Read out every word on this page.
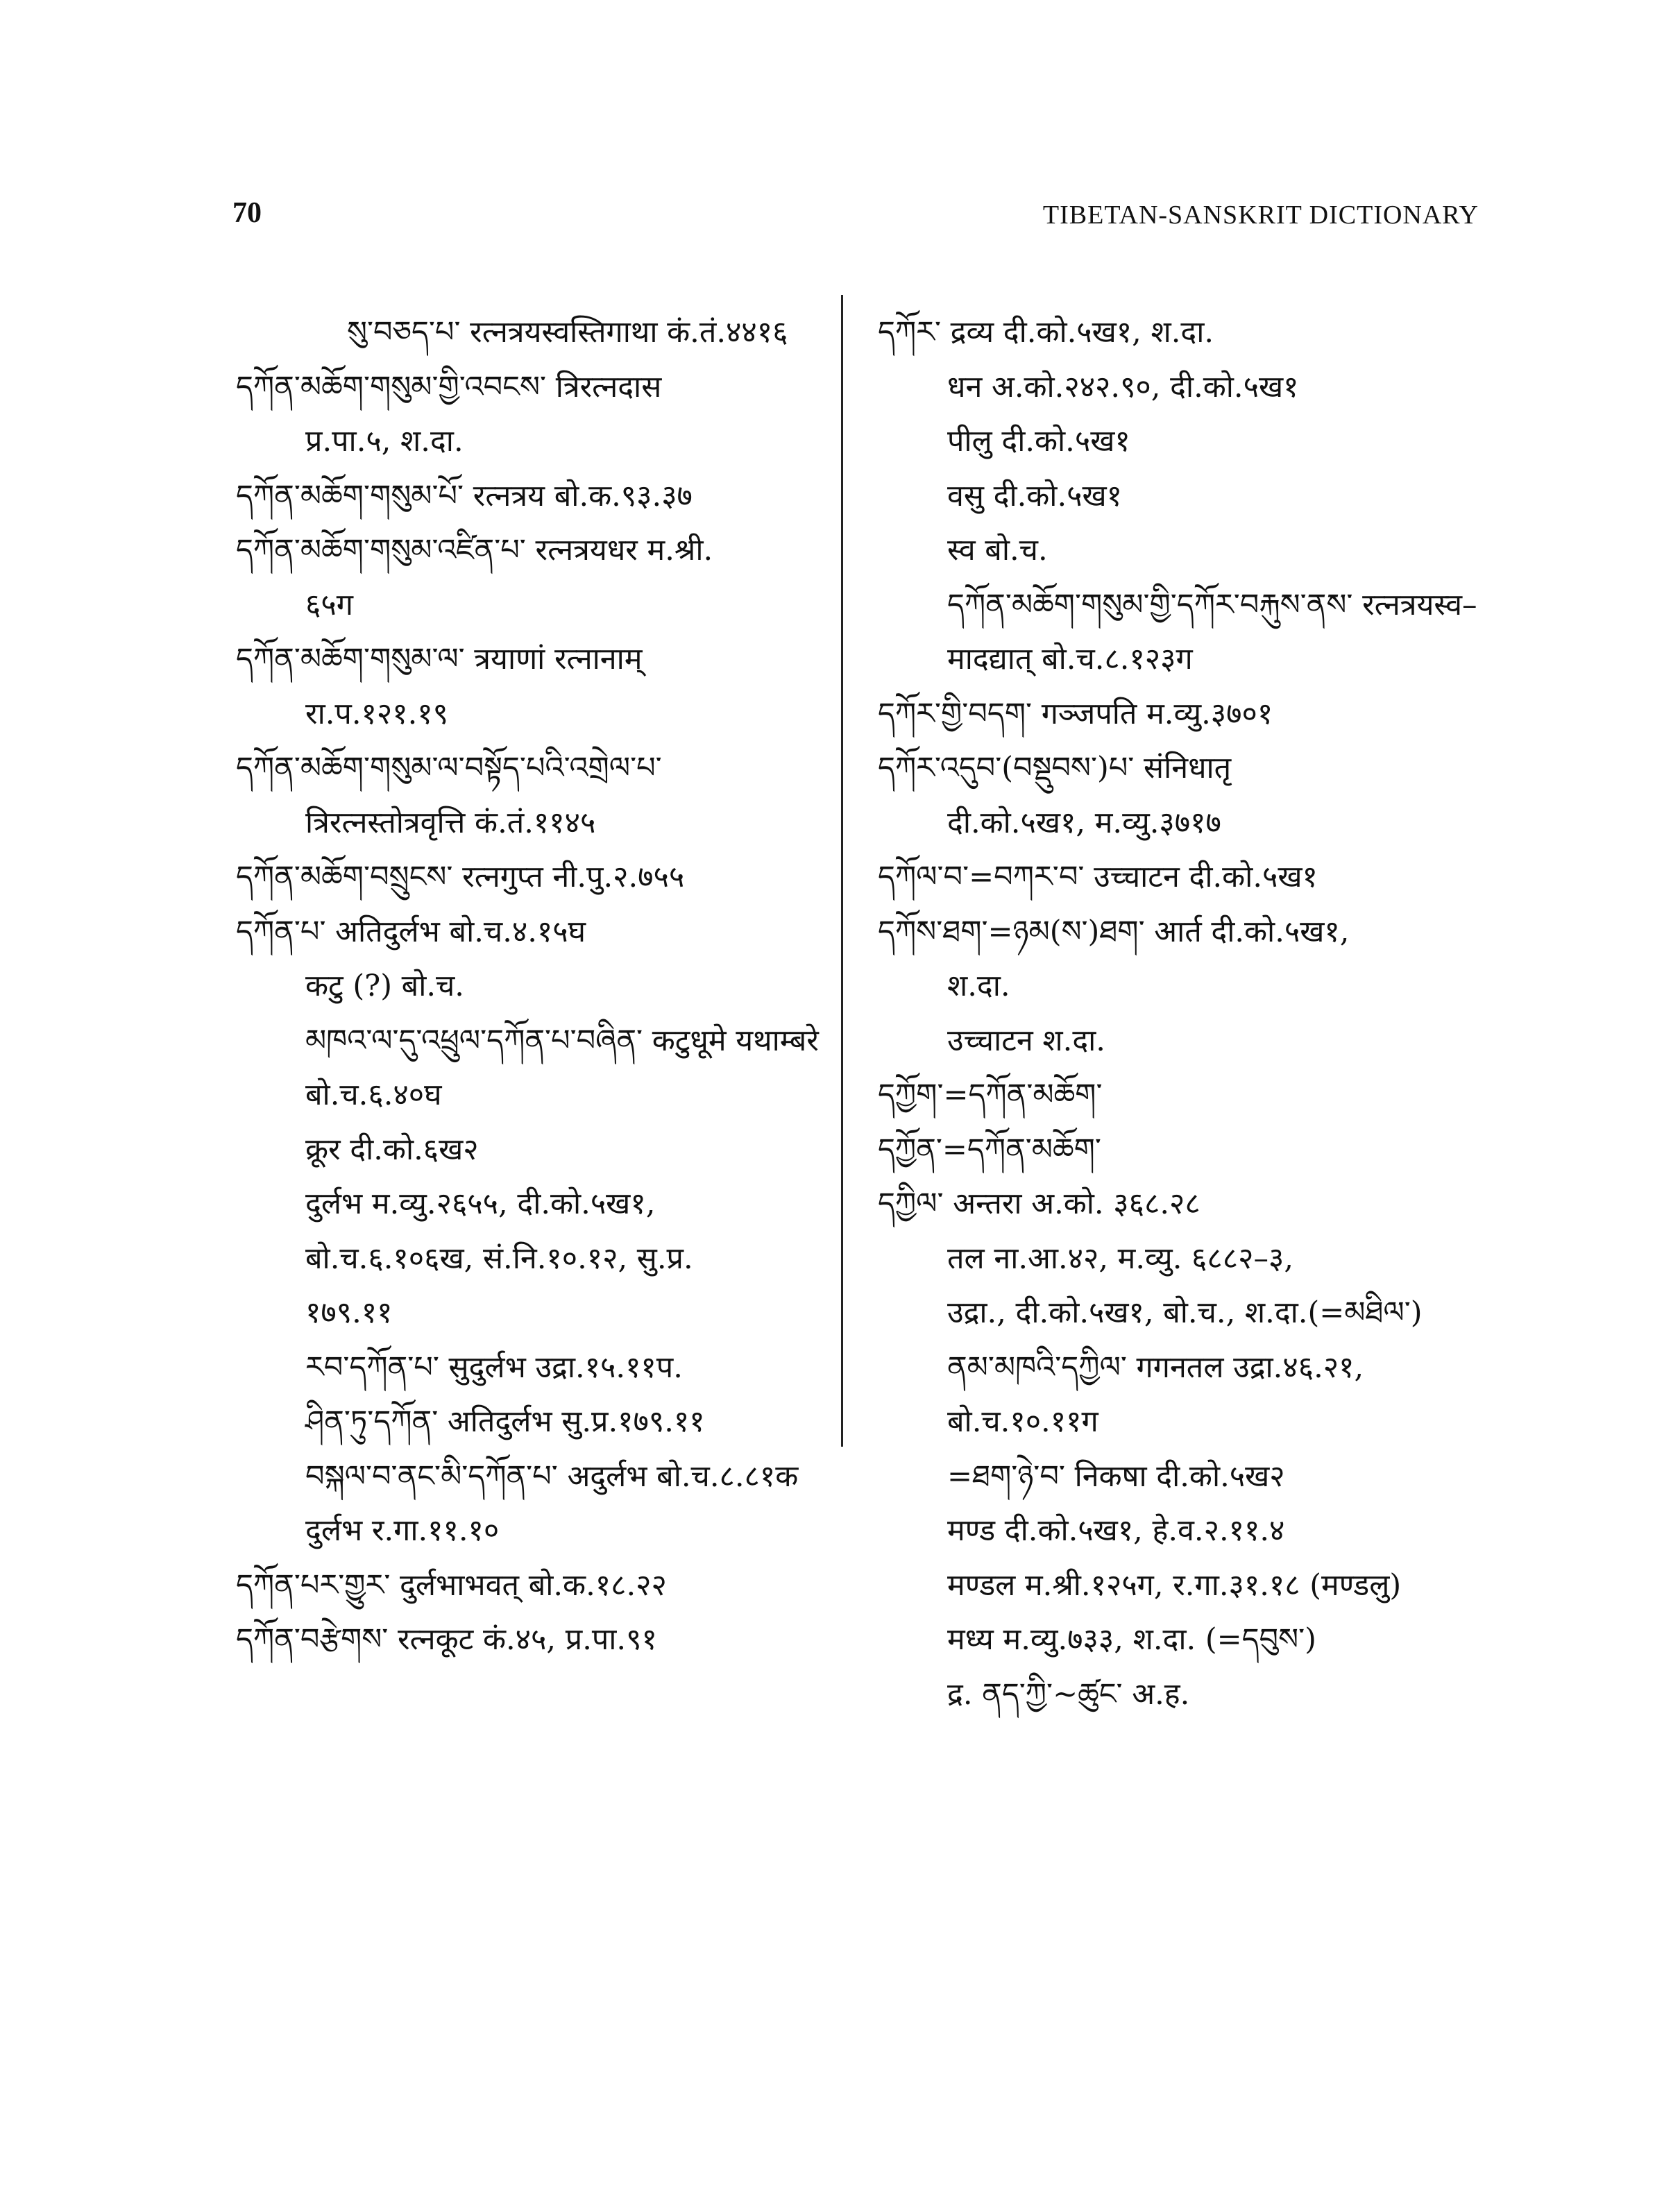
70	TIBETAN-SANSKRIT DICTIONARY
སུ་བཅད་པ་ रत्नत्रयस्वस्तिगाथा कं.तं.४४१६
དཀོན་མཆོག་གསུམ་གྱི་འབངས་ त्रिरत्नदास
प्र.पा.५, श.दा.
དཀོན་མཆོག་གསུམ་པོ་ रत्नत्रय बो.क.९३.३७
དཀོན་མཆོག་གསུམ་འཛིན་པ་ रत्नत्रयधर म.श्री.
६५ग
དཀོན་མཆོག་གསུམ་ལ་ त्रयाणां रत्नानाम्
रा.प.१२१.१९
དཀོན་མཆོག་གསུམ་ལ་བསྟོད་པའི་འགྲེལ་པ་
त्रिरत्नस्तोत्रवृत्ति कं.तं.११४५
དཀོན་མཆོག་བསྲུངས་ रत्नगुप्त नी.पु.२.७५५
དཀོན་པ་ अतिदुर्लभ बो.च.४.१५घ
कटु (?) बो.च.
མཁའ་ལ་དུ་འཕྲུལ་དཀོན་པ་བཞིན་ कटुधूमे यथाम्बरे
बो.च.६.४०घ
क्रूर दी.को.६ख२
दुर्लभ म.व्यु.२६५५, दी.को.५ख१,
बो.च.६.१०६ख, सं.नि.१०.१२, सु.प्र.
१७९.११
རབ་དཀོན་པ་ सुदुर्लभ उद्रा.१५.११प.
ཤིན་ཏུ་དཀོན་ अतिदुर्लभ सु.प्र.१७९.११
བསྐལ་བ་ནང་མི་དཀོན་པ་ अदुर्लभ बो.च.८.८१क
दुर्लभ र.गा.११.१०
དཀོན་པར་གྱུར་ दुर्लभाभवत् बो.क.१८.२२
དཀོན་བརྩེགས་ रत्नकूट कं.४५, प्र.पा.९१
དཀོར་ द्रव्य दी.को.५ख१, श.दा.
धन अ.को.२४२.९०, दी.को.५ख१
पीलु दी.को.५ख१
वसु दी.को.५ख१
स्व बो.च.
དཀོན་མཆོག་གསུམ་གྱི་དཀོར་བརྐུས་ནས་ रत्नत्रयस्व–
मादद्यात् बो.च.८.१२३ग
དཀོར་གྱི་བདག་ गञ्जपति म.व्यु.३७०१
དཀོར་འདུབ་(བསྡུབས་)པ་ संनिधातृ
दी.को.५ख१, म.व्यु.३७१७
དཀོལ་བ་=བཀར་བ་ उच्चाटन दी.को.५ख१
དཀོས་ཐག་=ཉམ(ས་)ཐག་ आर्त दी.को.५ख१,
श.दा.
उच्चाटन श.दा.
དཀྱོག་=དཀོན་མཆོག་
དཀྱོན་=དཀོན་མཆོག་
དཀྱིལ་ अन्तरा अ.को. ३६८.२८
तल ना.आ.४२, म.व्यु. ६८८२–३,
उद्रा., दी.को.५ख१, बो.च., श.दा.(=མཐིལ་)
ནམ་མཁའི་དཀྱིལ་ गगनतल उद्रा.४६.२१,
बो.च.१०.११ग
=ཐག་ཉེ་བ་ निकषा दी.को.५ख२
मण्ड दी.को.५ख१, हे.व.२.११.४
मण्डल म.श्री.१२५ग, र.गा.३१.१८ (मण्डलु)
मध्य म.व्यु.७३३, श.दा. (=དབུས་)
द्र. ནད་ཀྱི་~ཚུང་ अ.ह.
